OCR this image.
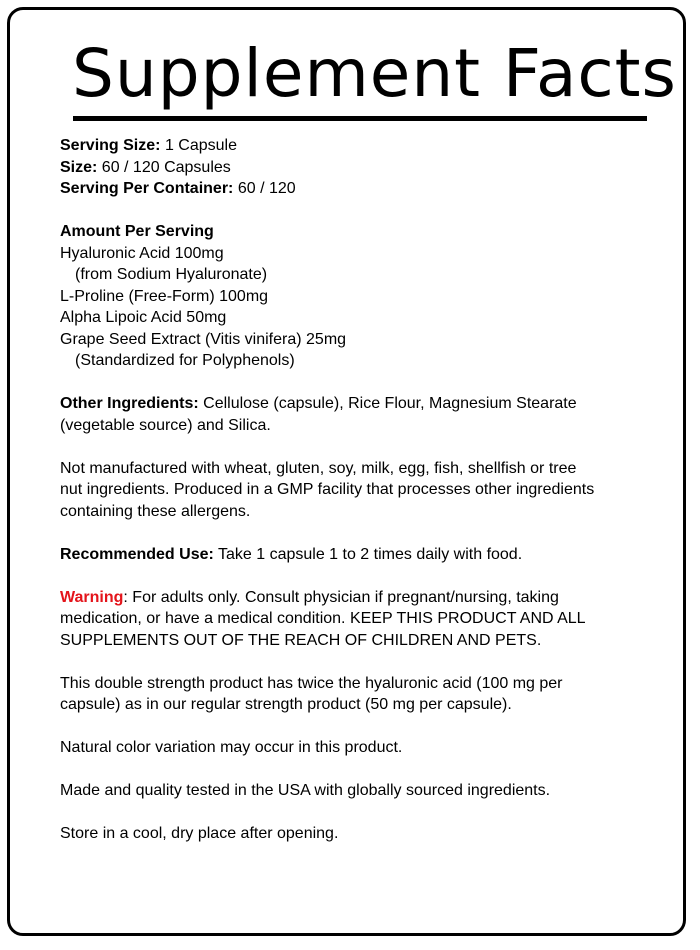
Supplement Facts

Serving Size: 1 Capsule
Size: 60 / 120 Capsules
Serving Per Container: 60 / 120

Amount Per Serving
Hyaluronic Acid 100mg
(from Sodium Hyaluronate)
L-Proline (Free-Form) 100mg
Alpha Lipoic Acid 50mg
Grape Seed Extract (Vitis vinifera) 25mg
(Standardized for Polyphenols)

Other Ingredients: Cellulose (capsule), Rice Flour, Magnesium Stearate
(vegetable source) and Silica.

Not manufactured with wheat, gluten, soy, milk, egg, fish, shellfish or tree
nut ingredients. Produced in a GMP facility that processes other ingredients
containing these allergens.

Recommended Use: Take 1 capsule 1 to 2 times daily with food.

Warning: For adults only. Consult physician if pregnant/nursing, taking
medication, or have a medical condition. KEEP THIS PRODUCT AND ALL
SUPPLEMENTS OUT OF THE REACH OF CHILDREN AND PETS.

This double strength product has twice the hyaluronic acid (100 mg per
capsule) as in our regular strength product (50 mg per capsule).

Natural color variation may occur in this product.

Made and quality tested in the USA with globally sourced ingredients.

Store in a cool, dry place after opening.
